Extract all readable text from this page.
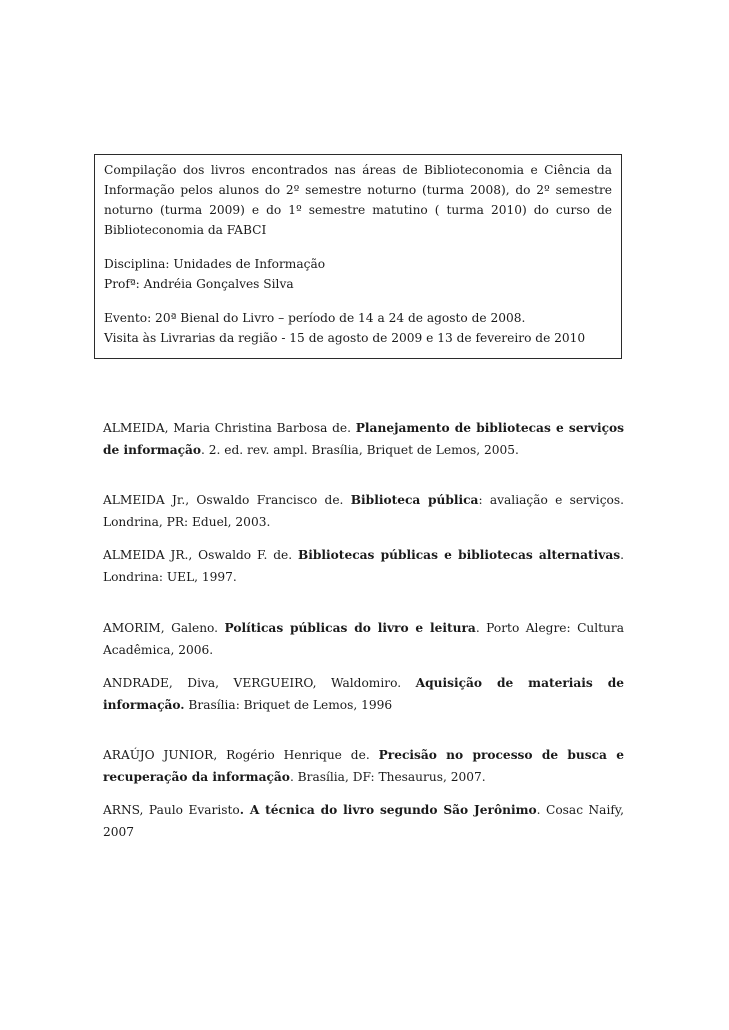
Compilação dos livros encontrados nas áreas de Biblioteconomia e Ciência da Informação pelos alunos do 2º semestre noturno (turma 2008), do 2º semestre noturno (turma 2009) e do 1º semestre matutino ( turma 2010) do curso de Biblioteconomia da FABCI

Disciplina: Unidades de Informação

Profª: Andréia Gonçalves Silva

Evento: 20ª Bienal do Livro – período de 14 a 24 de agosto de 2008.

Visita às Livrarias da região - 15 de agosto de 2009 e 13 de fevereiro de 2010

ALMEIDA, Maria Christina Barbosa de. Planejamento de bibliotecas e serviços de informação. 2. ed. rev. ampl. Brasília, Briquet de Lemos, 2005.

ALMEIDA Jr., Oswaldo Francisco de. Biblioteca pública: avaliação e serviços. Londrina, PR: Eduel, 2003.

ALMEIDA JR., Oswaldo F. de. Bibliotecas públicas e bibliotecas alternativas. Londrina: UEL, 1997.

AMORIM, Galeno. Políticas públicas do livro e leitura. Porto Alegre: Cultura Acadêmica, 2006.

ANDRADE, Diva, VERGUEIRO, Waldomiro. Aquisição de materiais de informação. Brasília: Briquet de Lemos, 1996

ARAÚJO JUNIOR, Rogério Henrique de. Precisão no processo de busca e recuperação da informação. Brasília, DF: Thesaurus, 2007.

ARNS, Paulo Evaristo. A técnica do livro segundo São Jerônimo. Cosac Naify, 2007
